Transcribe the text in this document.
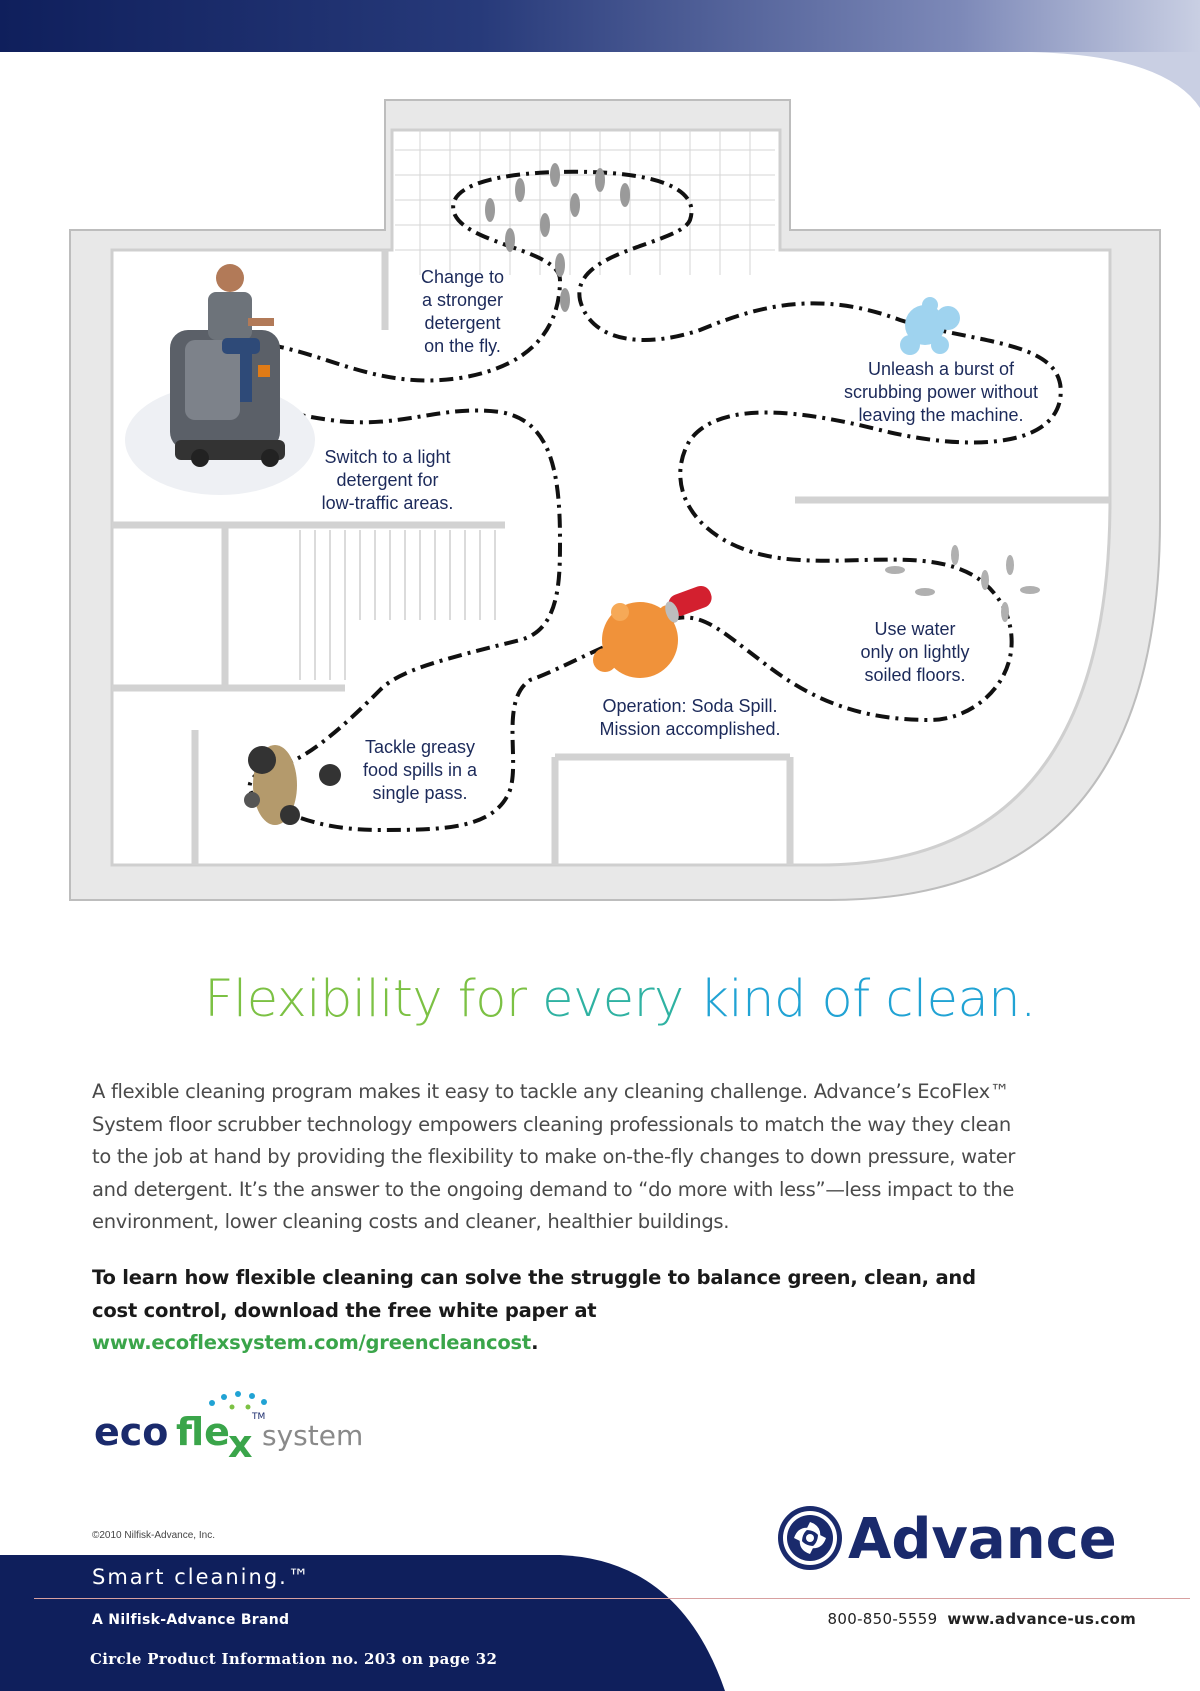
Change to
a stronger
detergent
on the fly.
Switch to a light
detergent for
low-traffic areas.
Unleash a burst of
scrubbing power without
leaving the machine.
Use water
only on lightly
soiled floors.
Operation: Soda Spill.
Mission accomplished.
Tackle greasy
food spills in a
single pass.
Flexibility for every kind of clean.
A flexible cleaning program makes it easy to tackle any cleaning challenge. Advance’s EcoFlex™ System floor scrubber technology empowers cleaning professionals to match the way they clean to the job at hand by providing the flexibility to make on-the-fly changes to down pressure, water and detergent. It’s the answer to the ongoing demand to “do more with less”—less impact to the environment, lower cleaning costs and cleaner, healthier buildings.
To learn how flexible cleaning can solve the struggle to balance green, clean, and cost control, download the free white paper at www.ecoflexsystem.com/greencleancost.
eco fle
x
TM
system
©2010 Nilfisk-Advance, Inc.	Advance
Smart cleaning.™
A Nilfisk-Advance Brand
Circle Product Information no. 203 on page 32
800-850-5559 www.advance-us.com
